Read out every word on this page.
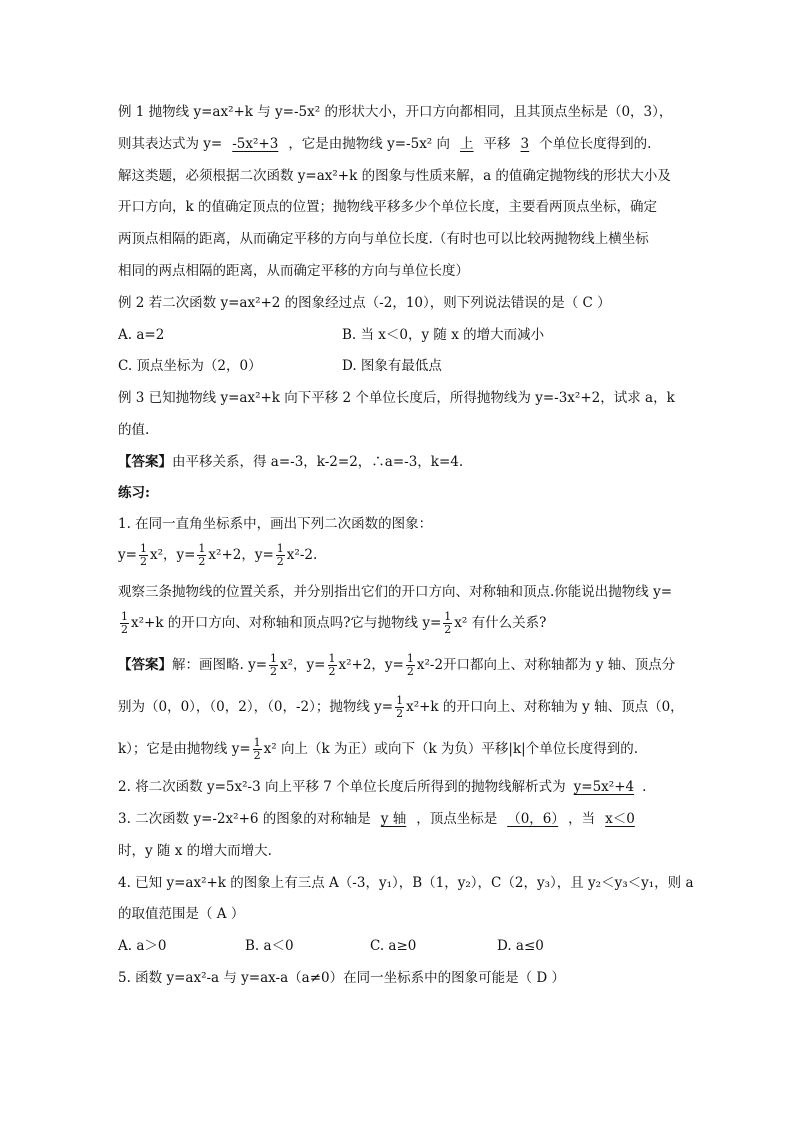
例 1 抛物线 y=ax²+k 与 y=-5x² 的形状大小，开口方向都相同，且其顶点坐标是（0，3），
则其表达式为 y= -5x²+3 ，它是由抛物线 y=-5x² 向 上 平移 3 个单位长度得到的.
解这类题，必须根据二次函数 y=ax²+k 的图象与性质来解，a 的值确定抛物线的形状大小及
开口方向，k 的值确定顶点的位置；抛物线平移多少个单位长度，主要看两顶点坐标，确定
两顶点相隔的距离，从而确定平移的方向与单位长度.（有时也可以比较两抛物线上横坐标
相同的两点相隔的距离，从而确定平移的方向与单位长度）
例 2 若二次函数 y=ax²+2 的图象经过点（-2，10），则下列说法错误的是（ C ）
A. a=2	B. 当 x＜0，y 随 x 的增大而减小
C. 顶点坐标为（2，0）	D. 图象有最低点
例 3 已知抛物线 y=ax²+k 向下平移 2 个单位长度后，所得抛物线为 y=-3x²+2，试求 a，k
的值.
【答案】由平移关系，得 a=-3，k-2=2，∴a=-3，k=4.
练习:
1. 在同一直角坐标系中，画出下列二次函数的图象：
$y= \frac{1}{2} x^2$，$y= \frac{1}{2} x^2+2$，$y= \frac{1}{2} x^2-2$.
观察三条抛物线的位置关系，并分别指出它们的开口方向、对称轴和顶点.你能说出抛物线 y=
$\frac{1}{2} x^2+k$ 的开口方向、对称轴和顶点吗?它与抛物线 $y= \frac{1}{2} x^2$ 有什么关系?
【答案】解：画图略. $y= \frac{1}{2} x^2$，$y= \frac{1}{2} x^2+2$，$y= \frac{1}{2} x^2-2$开口都向上、对称轴都为 y 轴、顶点分
别为（0，0），（0，2），（0，-2）；抛物线 $y= \frac{1}{2} x^2+k$ 的开口向上、对称轴为 y 轴、顶点（0，
k）；它是由抛物线 $y= \frac{1}{2} x^2$ 向上（k 为正）或向下（k 为负）平移|k|个单位长度得到的.
2. 将二次函数 y=5x²-3 向上平移 7 个单位长度后所得到的抛物线解析式为 y=5x²+4 .
3. 二次函数 y=-2x²+6 的图象的对称轴是 y 轴 ，顶点坐标是 （0，6） ，当 x＜0
时，y 随 x 的增大而增大.
4. 已知 y=ax²+k 的图象上有三点 A（-3，y₁），B（1，y₂），C（2，y₃），且 y₂＜y₃＜y₁，则 a
的取值范围是（ A ）
A. a＞0	B. a＜0	C. a≥0	D. a≤0
5. 函数 y=ax²-a 与 y=ax-a（a≠0）在同一坐标系中的图象可能是（ D ）
